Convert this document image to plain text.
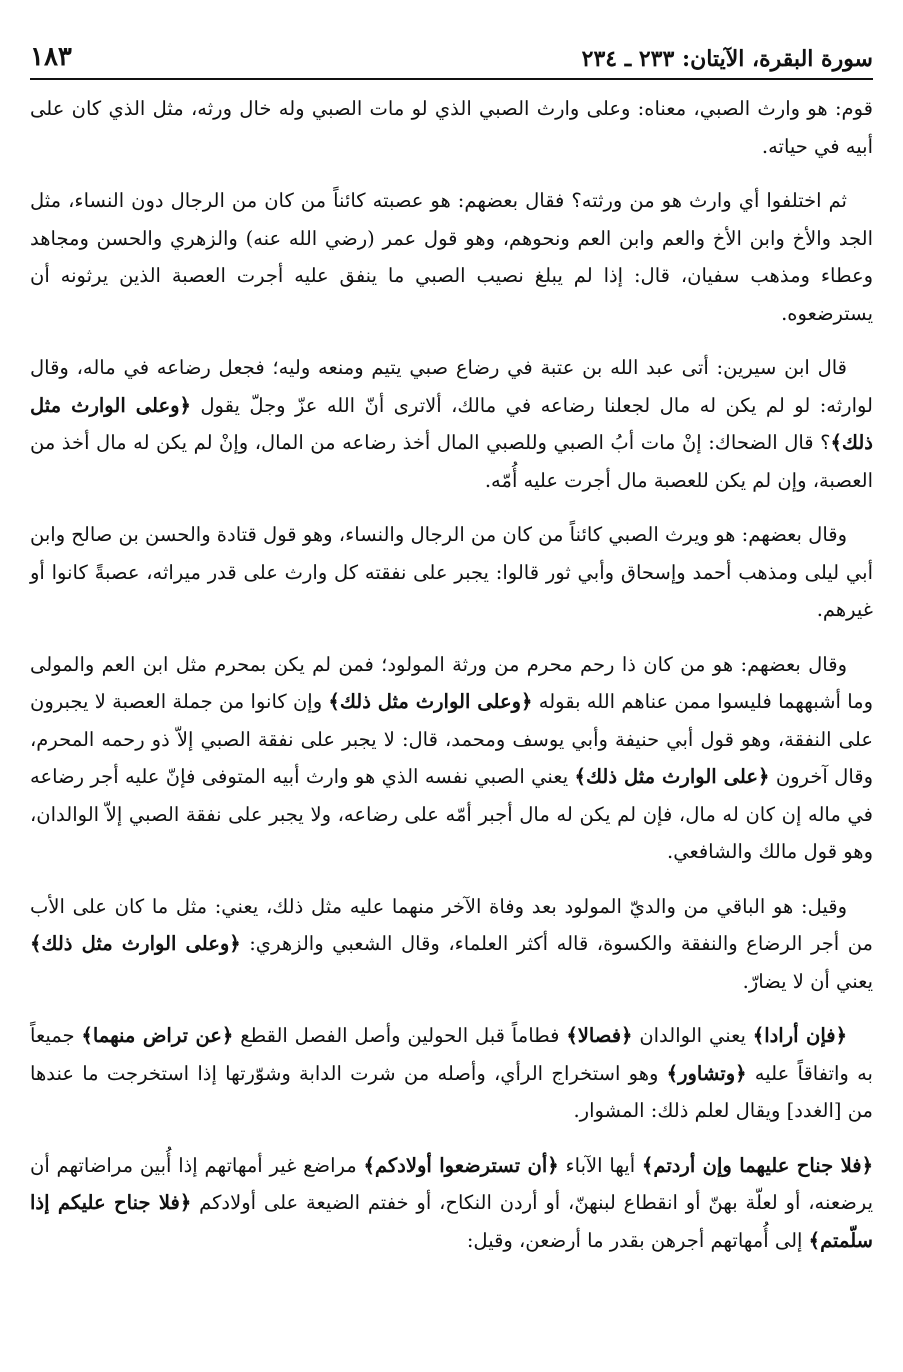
سورة البقرة، الآيتان: ٢٣٣ ـ ٢٣٤
١٨٣

قوم: هو وارث الصبي، معناه: وعلى وارث الصبي الذي لو مات الصبي وله خال ورثه، مثل الذي كان على أبيه في حياته.

ثم اختلفوا أي وارث هو من ورثته؟ فقال بعضهم: هو عصبته كائناً من كان من الرجال دون النساء، مثل الجد والأخ وابن الأخ والعم وابن العم ونحوهم، وهو قول عمر (رضي الله عنه) والزهري والحسن ومجاهد وعطاء ومذهب سفيان، قال: إذا لم يبلغ نصيب الصبي ما ينفق عليه أجرت العصبة الذين يرثونه أن يسترضعوه.

قال ابن سيرين: أتى عبد الله بن عتبة في رضاع صبي يتيم ومنعه وليه؛ فجعل رضاعه في ماله، وقال لوارثه: لو لم يكن له مال لجعلنا رضاعه في مالك، ألاترى أنّ الله عزّ وجلّ يقول ﴿وعلى الوارث مثل ذلك﴾؟ قال الضحاك: إنْ مات أبُ الصبي وللصبي المال أخذ رضاعه من المال، وإنْ لم يكن له مال أخذ من العصبة، وإن لم يكن للعصبة مال أجرت عليه أُمّه.

وقال بعضهم: هو ويرث الصبي كائناً من كان من الرجال والنساء، وهو قول قتادة والحسن بن صالح وابن أبي ليلى ومذهب أحمد وإسحاق وأبي ثور قالوا: يجبر على نفقته كل وارث على قدر ميراثه، عصبةً كانوا أو غيرهم.

وقال بعضهم: هو من كان ذا رحم محرم من ورثة المولود؛ فمن لم يكن بمحرم مثل ابن العم والمولى وما أشبههما فليسوا ممن عناهم الله بقوله ﴿وعلى الوارث مثل ذلك﴾ وإن كانوا من جملة العصبة لا يجبرون على النفقة، وهو قول أبي حنيفة وأبي يوسف ومحمد، قال: لا يجبر على نفقة الصبي إلاّ ذو رحمه المحرم، وقال آخرون ﴿على الوارث مثل ذلك﴾ يعني الصبي نفسه الذي هو وارث أبيه المتوفى فإنّ عليه أجر رضاعه في ماله إن كان له مال، فإن لم يكن له مال أجبر أمّه على رضاعه، ولا يجبر على نفقة الصبي إلاّ الوالدان، وهو قول مالك والشافعي.

وقيل: هو الباقي من والديّ المولود بعد وفاة الآخر منهما عليه مثل ذلك، يعني: مثل ما كان على الأب من أجر الرضاع والنفقة والكسوة، قاله أكثر العلماء، وقال الشعبي والزهري: ﴿وعلى الوارث مثل ذلك﴾ يعني أن لا يضارّ.

﴿فإن أرادا﴾ يعني الوالدان ﴿فصالا﴾ فطاماً قبل الحولين وأصل الفصل القطع ﴿عن تراض منهما﴾ جميعاً به واتفاقاً عليه ﴿وتشاور﴾ وهو استخراج الرأي، وأصله من شرت الدابة وشوّرتها إذا استخرجت ما عندها من [الغدد] ويقال لعلم ذلك: المشوار.

﴿فلا جناح عليهما وإن أردتم﴾ أيها الآباء ﴿أن تسترضعوا أولادكم﴾ مراضع غير أمهاتهم إذا أُبين مراضاتهم أن يرضعنه، أو لعلّة بهنّ أو انقطاع لبنهنّ، أو أردن النكاح، أو خفتم الضيعة على أولادكم ﴿فلا جناح عليكم إذا سلّمتم﴾ إلى أُمهاتهم أجرهن بقدر ما أرضعن، وقيل:
